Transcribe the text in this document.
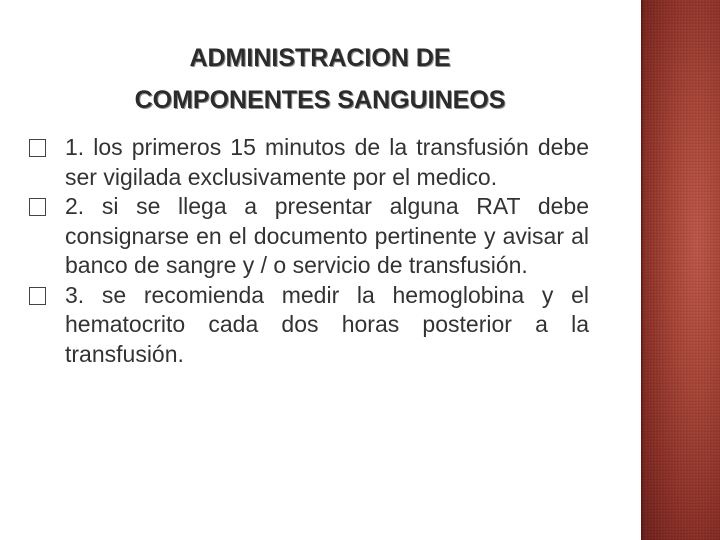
ADMINISTRACION DE
COMPONENTES SANGUINEOS

1. los primeros 15 minutos de la transfusión debe ser vigilada exclusivamente por el medico.

2. si se llega a presentar alguna RAT debe consignarse en el documento pertinente y avisar al banco de sangre y / o servicio de transfusión.

3. se recomienda medir la hemoglobina y el hematocrito cada dos horas posterior a la transfusión.
